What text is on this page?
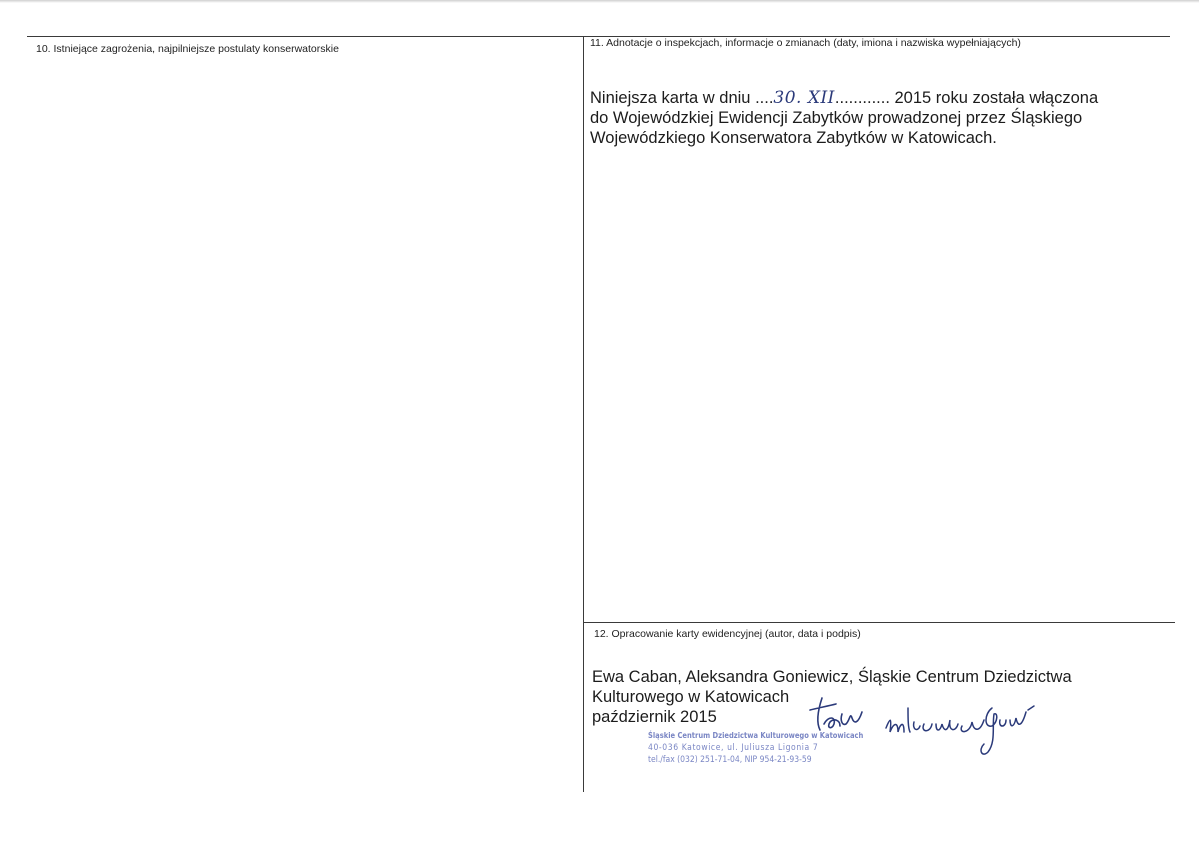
10. Istniejące zagrożenia, najpilniejsze postulaty konserwatorskie	11. Adnotacje o inspekcjach, informacje o zmianach (daty, imiona i nazwiska wypełniających)
Niniejsza karta w dniu ....30. XII............ 2015 roku została włączona
do Wojewódzkiej Ewidencji Zabytków prowadzonej przez Śląskiego
Wojewódzkiego Konserwatora Zabytków w Katowicach.
12. Opracowanie karty ewidencyjnej (autor, data i podpis)
Ewa Caban, Aleksandra Goniewicz, Śląskie Centrum Dziedzictwa
Kulturowego w Katowicach
październik 2015
Śląskie Centrum Dziedzictwa Kulturowego w Katowicach
40-036 Katowice, ul. Juliusza Ligonia 7
tel./fax (032) 251-71-04, NIP 954-21-93-59
